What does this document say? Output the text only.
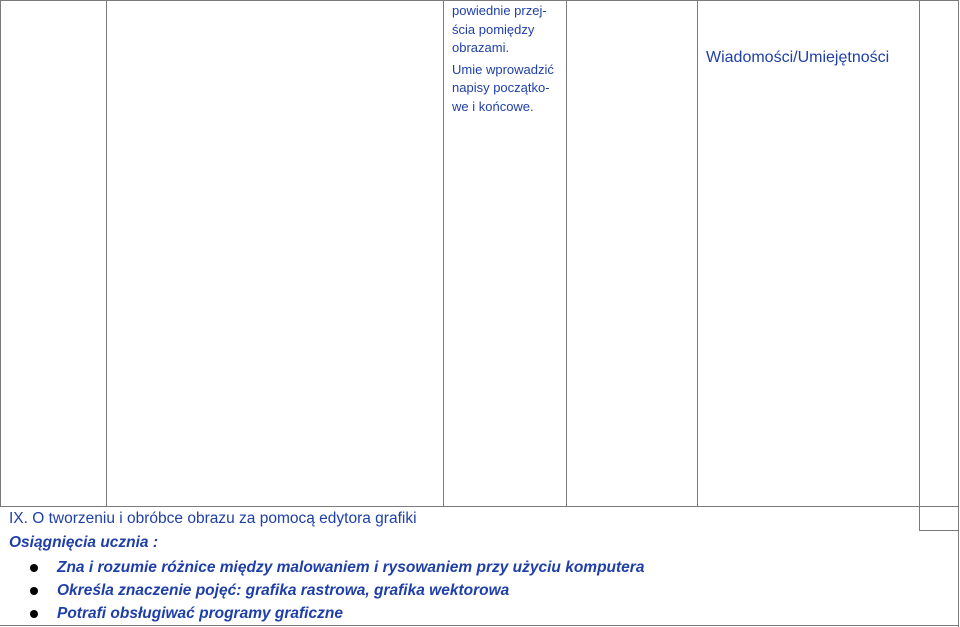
powiednie przej-
ścia pomiędzy
obrazami.

Umie wprowadzić
napisy początko-
we i końcowe.

Wiadomości/Umiejętności
IX. O tworzeniu i obróbce obrazu za pomocą edytora grafiki
Osiągnięcia ucznia :
Zna i rozumie różnice między malowaniem i rysowaniem przy użyciu komputera
Określa znaczenie pojęć: grafika rastrowa, grafika wektorowa
Potrafi obsługiwać programy graficzne
